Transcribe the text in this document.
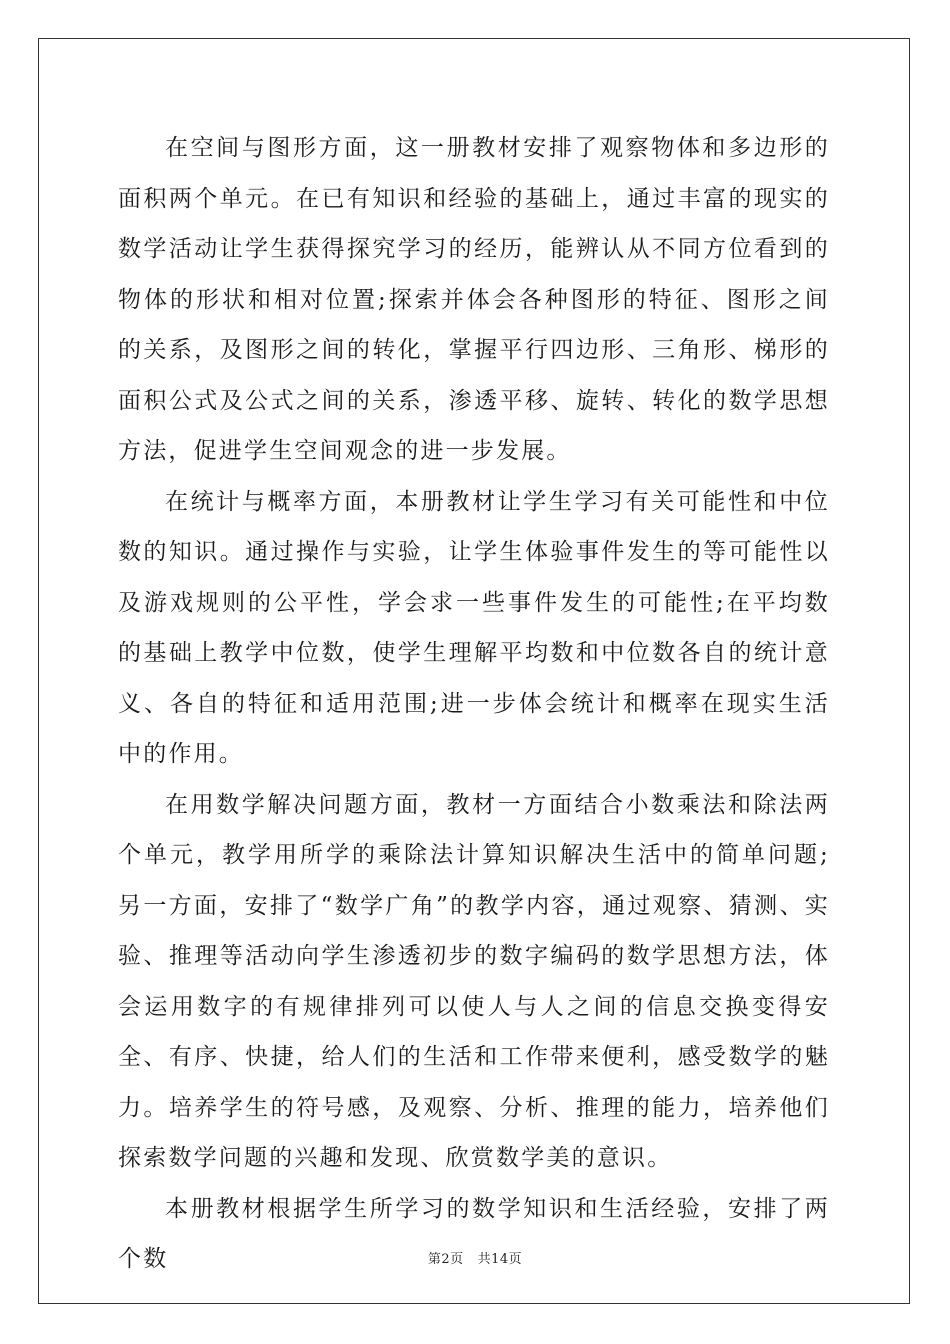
在空间与图形方面，这一册教材安排了观察物体和多边形的面积两个单元。在已有知识和经验的基础上，通过丰富的现实的数学活动让学生获得探究学习的经历，能辨认从不同方位看到的物体的形状和相对位置;探索并体会各种图形的特征、图形之间的关系，及图形之间的转化，掌握平行四边形、三角形、梯形的面积公式及公式之间的关系，渗透平移、旋转、转化的数学思想方法，促进学生空间观念的进一步发展。

在统计与概率方面，本册教材让学生学习有关可能性和中位数的知识。通过操作与实验，让学生体验事件发生的等可能性以及游戏规则的公平性，学会求一些事件发生的可能性;在平均数的基础上教学中位数，使学生理解平均数和中位数各自的统计意义、各自的特征和适用范围;进一步体会统计和概率在现实生活中的作用。

在用数学解决问题方面，教材一方面结合小数乘法和除法两个单元，教学用所学的乘除法计算知识解决生活中的简单问题;另一方面，安排了“数学广角”的教学内容，通过观察、猜测、实验、推理等活动向学生渗透初步的数字编码的数学思想方法，体会运用数字的有规律排列可以使人与人之间的信息交换变得安全、有序、快捷，给人们的生活和工作带来便利，感受数学的魅力。培养学生的符号感，及观察、分析、推理的能力，培养他们探索数学问题的兴趣和发现、欣赏数学美的意识。

本册教材根据学生所学习的数学知识和生活经验，安排了两个数	第2页 共14页
